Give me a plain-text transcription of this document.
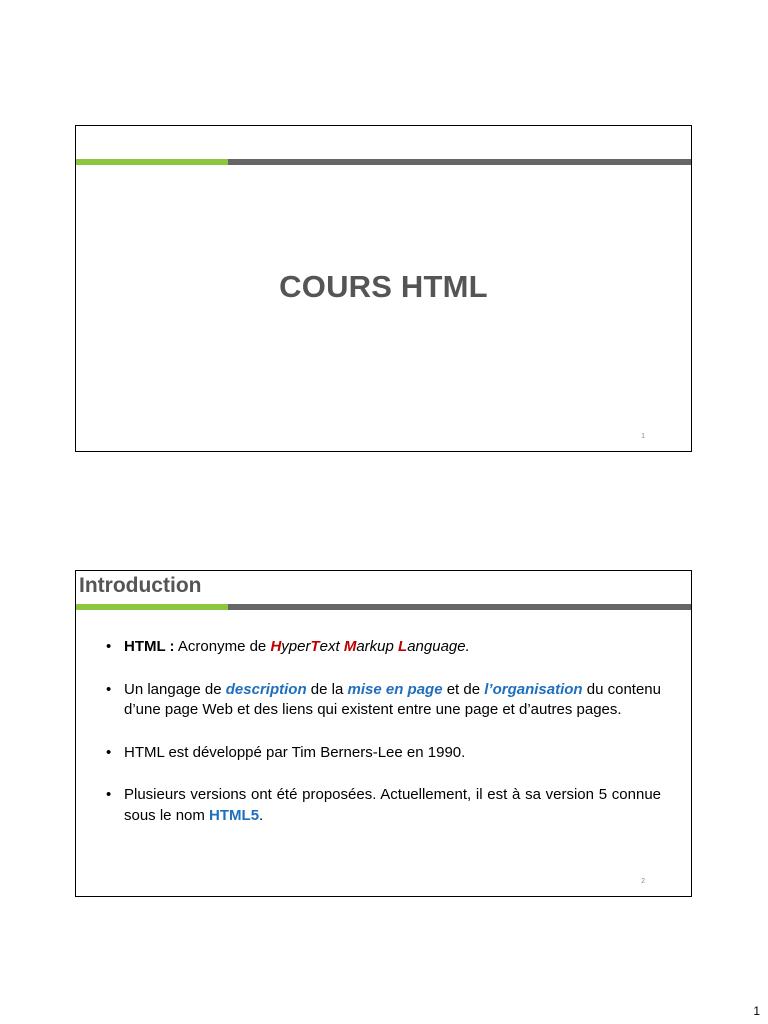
COURS HTML
1
Introduction
• HTML : Acronyme de HyperText Markup Language.
• Un langage de description de la mise en page et de l’organisation du contenu d’une page Web et des liens qui existent entre une page et d’autres pages.
• HTML est développé par Tim Berners-Lee en 1990.
• Plusieurs versions ont été proposées. Actuellement, il est à sa version 5 connue sous le nom HTML5.
2
1
